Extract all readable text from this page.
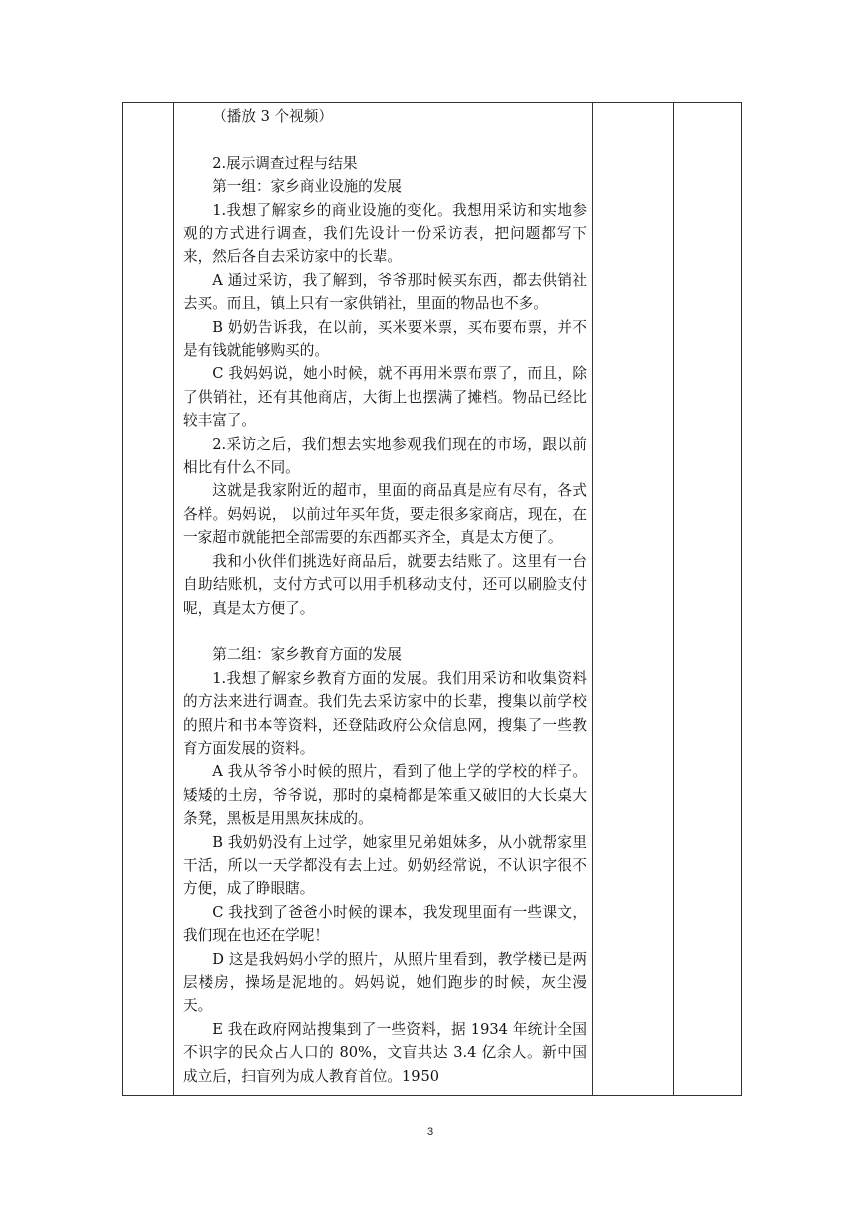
（播放 3 个视频）

2.展示调查过程与结果

第一组：家乡商业设施的发展

1.我想了解家乡的商业设施的变化。我想用采访和实地参观的方式进行调查，我们先设计一份采访表，把问题都写下来，然后各自去采访家中的长辈。

A 通过采访，我了解到，爷爷那时候买东西，都去供销社去买。而且，镇上只有一家供销社，里面的物品也不多。

B 奶奶告诉我，在以前，买米要米票，买布要布票，并不是有钱就能够购买的。

C 我妈妈说，她小时候，就不再用米票布票了，而且，除了供销社，还有其他商店，大街上也摆满了摊档。物品已经比较丰富了。

2.采访之后，我们想去实地参观我们现在的市场，跟以前相比有什么不同。

这就是我家附近的超市，里面的商品真是应有尽有，各式各样。妈妈说， 以前过年买年货，要走很多家商店，现在，在一家超市就能把全部需要的东西都买齐全，真是太方便了。

我和小伙伴们挑选好商品后，就要去结账了。这里有一台自助结账机，支付方式可以用手机移动支付，还可以刷脸支付呢，真是太方便了。

第二组：家乡教育方面的发展

1.我想了解家乡教育方面的发展。我们用采访和收集资料的方法来进行调查。我们先去采访家中的长辈，搜集以前学校的照片和书本等资料，还登陆政府公众信息网，搜集了一些教育方面发展的资料。

A 我从爷爷小时候的照片，看到了他上学的学校的样子。矮矮的土房，爷爷说，那时的桌椅都是笨重又破旧的大长桌大条凳，黑板是用黑灰抹成的。

B 我奶奶没有上过学，她家里兄弟姐妹多，从小就帮家里干活，所以一天学都没有去上过。奶奶经常说，不认识字很不方便，成了睁眼瞎。

C 我找到了爸爸小时候的课本，我发现里面有一些课文，我们现在也还在学呢！

D 这是我妈妈小学的照片，从照片里看到，教学楼已是两层楼房，操场是泥地的。妈妈说，她们跑步的时候，灰尘漫天。

E 我在政府网站搜集到了一些资料，据 1934 年统计全国不识字的民众占人口的 80%，文盲共达 3.4 亿余人。新中国成立后，扫盲列为成人教育首位。1950

3
